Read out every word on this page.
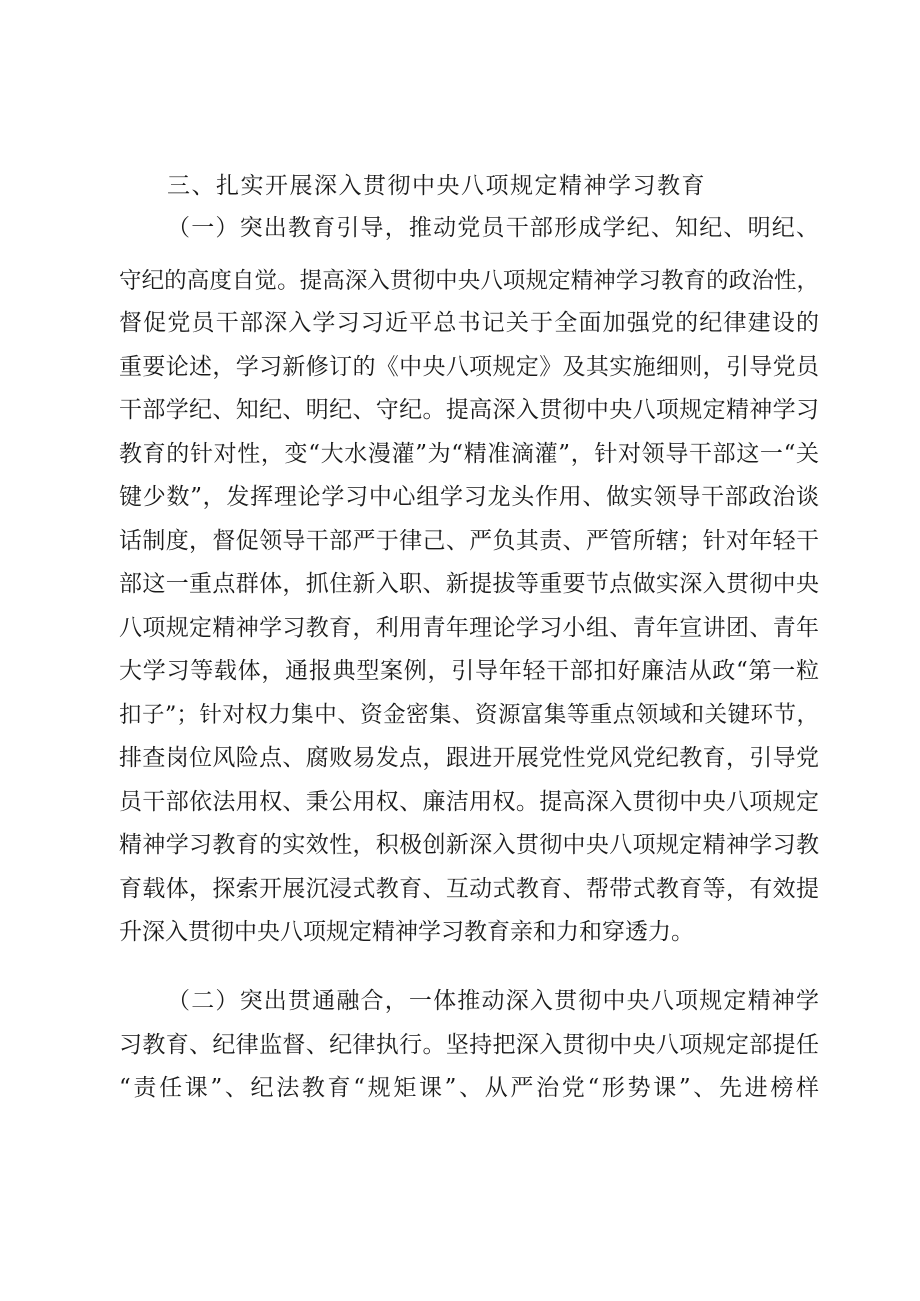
三、扎实开展深入贯彻中央八项规定精神学习教育
（一）突出教育引导，推动党员干部形成学纪、知纪、明纪、
守纪的高度自觉。提高深入贯彻中央八项规定精神学习教育的政治性，
督促党员干部深入学习习近平总书记关于全面加强党的纪律建设的
重要论述，学习新修订的《中央八项规定》及其实施细则，引导党员
干部学纪、知纪、明纪、守纪。提高深入贯彻中央八项规定精神学习
教育的针对性，变“大水漫灌”为“精准滴灌”，针对领导干部这一“关
键少数”，发挥理论学习中心组学习龙头作用、做实领导干部政治谈
话制度，督促领导干部严于律己、严负其责、严管所辖；针对年轻干
部这一重点群体，抓住新入职、新提拔等重要节点做实深入贯彻中央
八项规定精神学习教育，利用青年理论学习小组、青年宣讲团、青年
大学习等载体，通报典型案例，引导年轻干部扣好廉洁从政“第一粒
扣子”；针对权力集中、资金密集、资源富集等重点领域和关键环节，
排查岗位风险点、腐败易发点，跟进开展党性党风党纪教育，引导党
员干部依法用权、秉公用权、廉洁用权。提高深入贯彻中央八项规定
精神学习教育的实效性，积极创新深入贯彻中央八项规定精神学习教
育载体，探索开展沉浸式教育、互动式教育、帮带式教育等，有效提
升深入贯彻中央八项规定精神学习教育亲和力和穿透力。
（二）突出贯通融合，一体推动深入贯彻中央八项规定精神学
习教育、纪律监督、纪律执行。坚持把深入贯彻中央八项规定部提任
“责任课”、纪法教育“规矩课”、从严治党“形势课”、先进榜样
